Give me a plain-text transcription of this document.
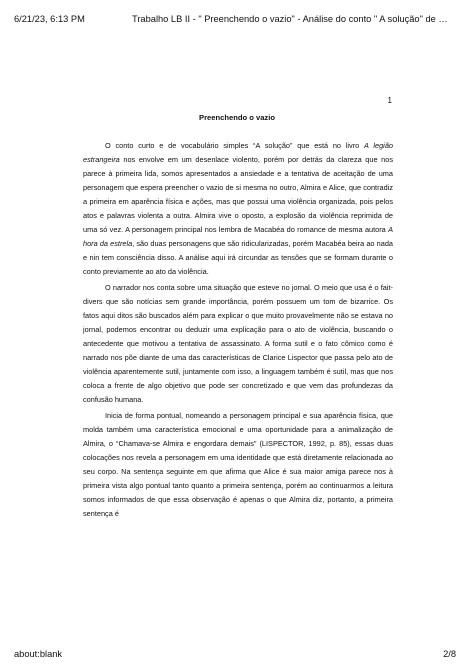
6/21/23, 6:13 PM	Trabalho LB II - " Preenchendo o vazio" - Análise do conto " A solução" de …
1
Preenchendo o vazio

O conto curto e de vocabulário simples “A solução” que está no livro A legião estrangeira nos envolve em um desenlace violento, porém por detrás da clareza que nos parece à primeira lida, somos apresentados a ansiedade e a tentativa de aceitação de uma personagem que espera preencher o vazio de si mesma no outro, Almira e Alice, que contradiz a primeira em aparência física e ações, mas que possui uma violência organizada, pois pelos atos e palavras violenta a outra. Almira vive o oposto, a explosão da violência reprimida de uma só vez. A personagem principal nos lembra de Macabéa do romance de mesma autora A hora da estrela, são duas personagens que são ridicularizadas, porém Macabéa beira ao nada e nin tem consciência disso. A análise aqui irá circundar as tensões que se formam durante o conto previamente ao ato da violência.

O narrador nos conta sobre uma situação que esteve no jornal. O meio que usa é o fait-divers que são notícias sem grande importância, porém possuem um tom de bizarrice. Os fatos aqui ditos são buscados além para explicar o que muito provavelmente não se estava no jornal, podemos encontrar ou deduzir uma explicação para o ato de violência, buscando o antecedente que motivou a tentativa de assassinato. A forma sutil e o fato cômico como é narrado nos põe diante de uma das características de Clarice Lispector que passa pelo ato de violência aparentemente sutil, juntamente com isso, a linguagem também é sutil, mas que nos coloca a frente de algo objetivo que pode ser concretizado e que vem das profundezas da confusão humana.

Inicia de forma pontual, nomeando a personagem principal e sua aparência física, que molda também uma característica emocional e uma oportunidade para a animalização de Almira, o “Chamava-se Almira e engordara demais” (LISPECTOR, 1992, p. 85), essas duas colocações nos revela a personagem em uma identidade que está diretamente relacionada ao seu corpo. Na sentença seguinte em que afirma que Alice é sua maior amiga parece nos à primeira vista algo pontual tanto quanto a primeira sentença, porém ao continuarmos a leitura somos informados de que essa observação é apenas o que Almira diz, portanto, a primeira sentença é

about:blank	2/8
